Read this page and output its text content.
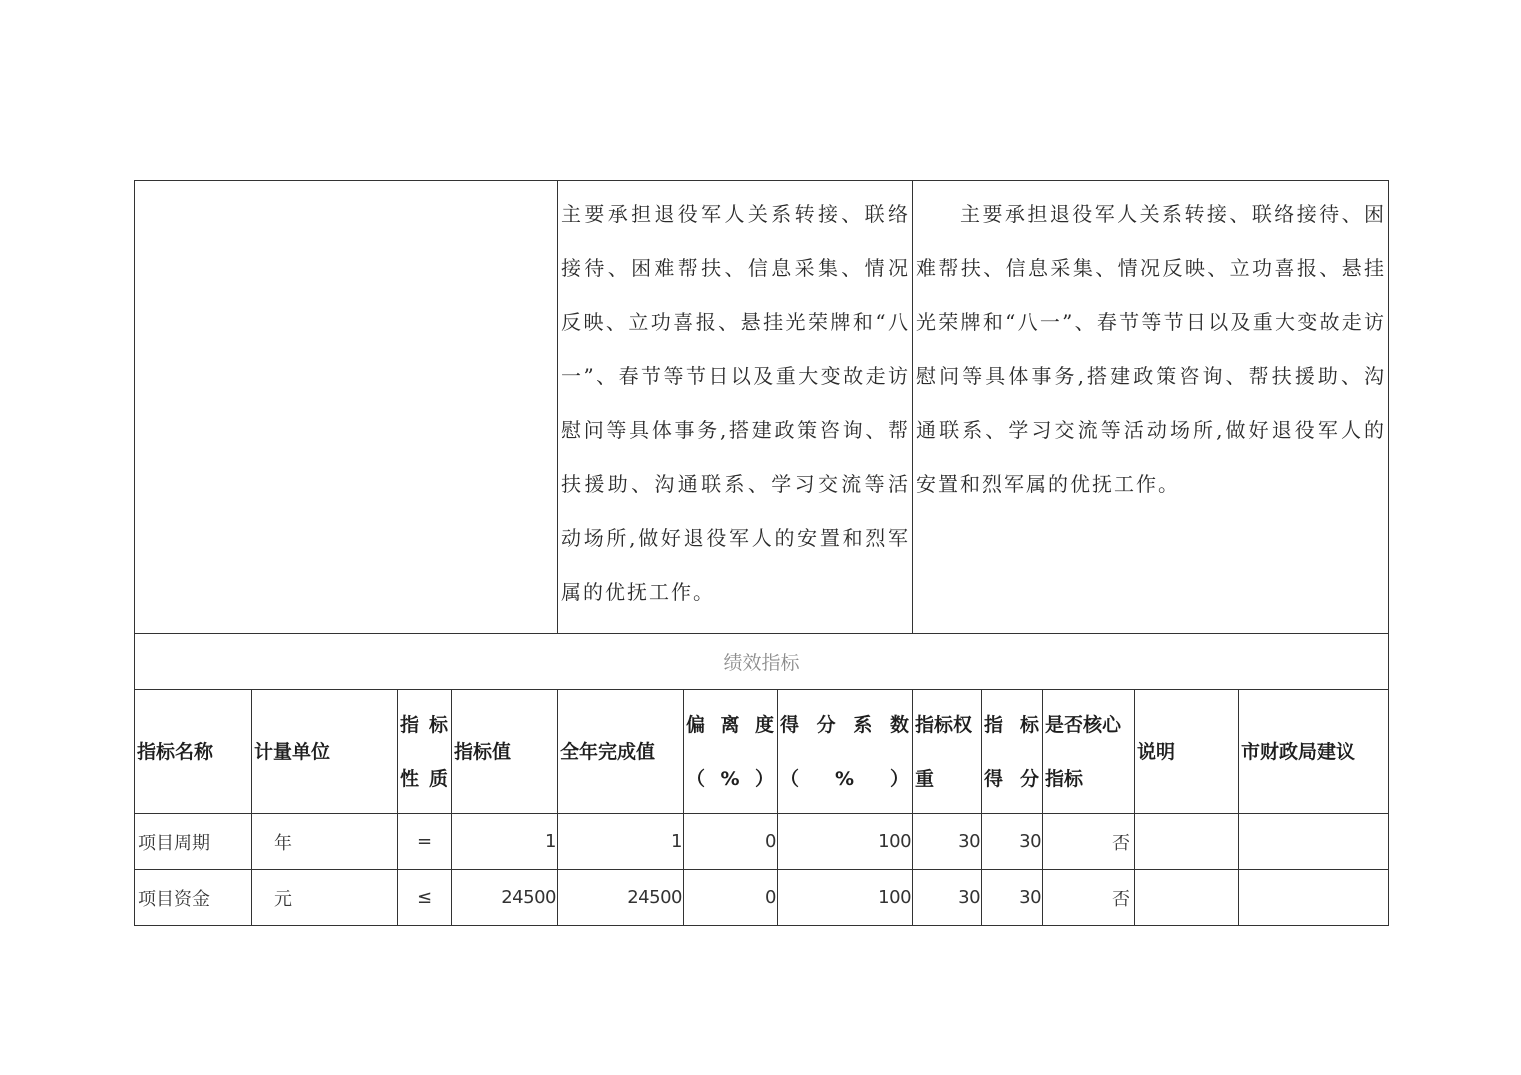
				主要承担退役军人关系转接、联络接待、困难帮扶、信息采集、情况反映、立功喜报、悬挂光荣牌和“八一”、春节等节日以及重大变故走访慰问等具体事务,搭建政策咨询、帮扶援助、沟通联系、学习交流等活动场所,做好退役军人的安置和烈军属的优抚工作。			主要承担退役军人关系转接、联络接待、困难帮扶、信息采集、情况反映、立功喜报、悬挂光荣牌和“八一”、春节等节日以及重大变故走访慰问等具体事务,搭建政策咨询、帮扶援助、沟通联系、学习交流等活动场所,做好退役军人的安置和烈军属的优抚工作。				
绩效指标											
指标名称	计量单位	指 标性质	指标值	全年完成值	偏 离 度（%）	得 分 系 数（%）	指标权重	指 标得分	是否核心指标	说明	市财政局建议
项目周期	年	=	1	1	0	100	30	30	否		
项目资金	元	≤	24500	24500	0	100	30	30	否		
